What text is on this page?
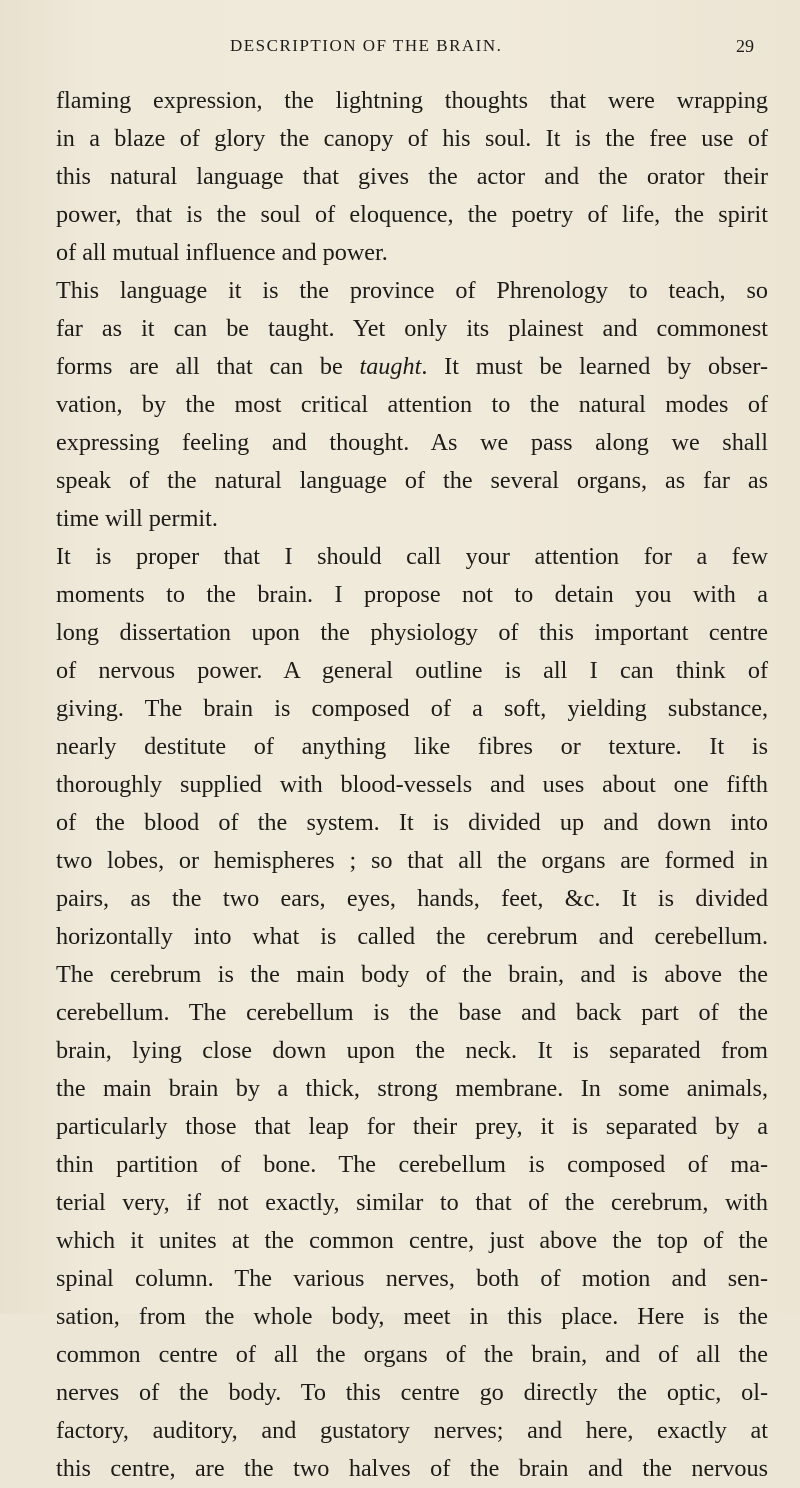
DESCRIPTION OF THE BRAIN.	29
flaming expression, the lightning thoughts that were wrapping
in a blaze of glory the canopy of his soul. It is the free use of
this natural language that gives the actor and the orator their
power, that is the soul of eloquence, the poetry of life, the spirit
of all mutual influence and power.
This language it is the province of Phrenology to teach, so
far as it can be taught. Yet only its plainest and commonest
forms are all that can be taught. It must be learned by obser-
vation, by the most critical attention to the natural modes of
expressing feeling and thought. As we pass along we shall
speak of the natural language of the several organs, as far as
time will permit.
It is proper that I should call your attention for a few
moments to the brain. I propose not to detain you with a
long dissertation upon the physiology of this important centre
of nervous power. A general outline is all I can think of
giving. The brain is composed of a soft, yielding substance,
nearly destitute of anything like fibres or texture. It is
thoroughly supplied with blood-vessels and uses about one fifth
of the blood of the system. It is divided up and down into
two lobes, or hemispheres ; so that all the organs are formed in
pairs, as the two ears, eyes, hands, feet, &c. It is divided
horizontally into what is called the cerebrum and cerebellum.
The cerebrum is the main body of the brain, and is above the
cerebellum. The cerebellum is the base and back part of the
brain, lying close down upon the neck. It is separated from
the main brain by a thick, strong membrane. In some animals,
particularly those that leap for their prey, it is separated by a
thin partition of bone. The cerebellum is composed of ma-
terial very, if not exactly, similar to that of the cerebrum, with
which it unites at the common centre, just above the top of the
spinal column. The various nerves, both of motion and sen-
sation, from the whole body, meet in this place. Here is the
common centre of all the organs of the brain, and of all the
nerves of the body. To this centre go directly the optic, ol-
factory, auditory, and gustatory nerves; and here, exactly at
this centre, are the two halves of the brain and the nervous
